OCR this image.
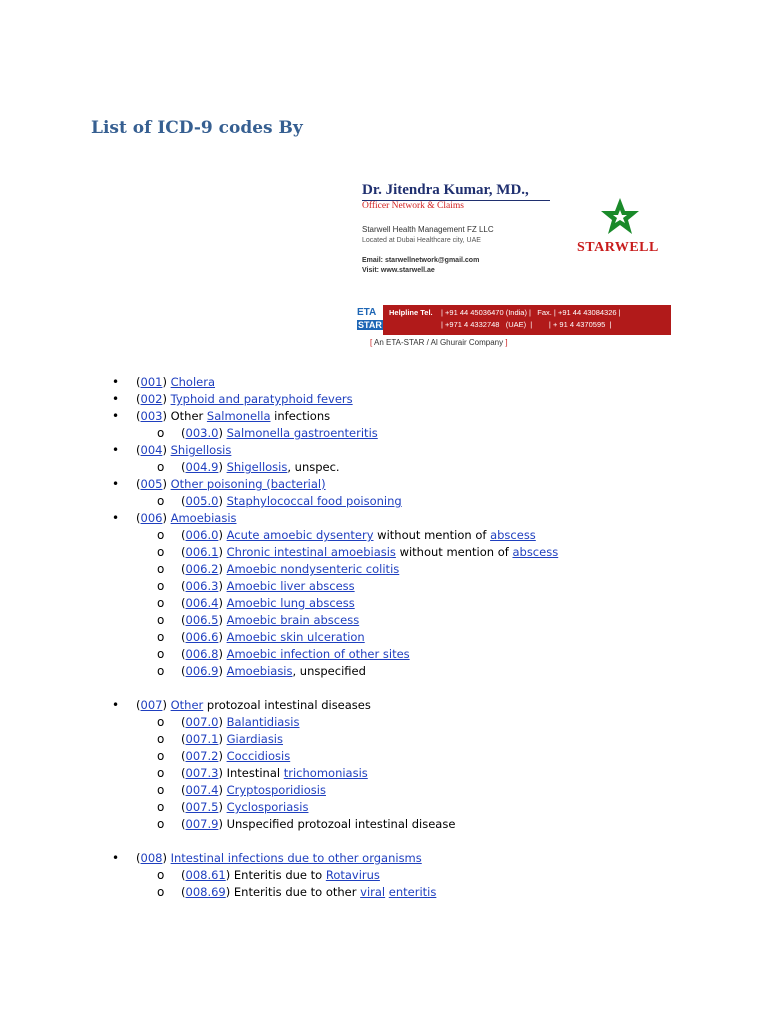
List of ICD-9 codes By
Dr. Jitendra Kumar, MD.,
Officer Network & Claims
Starwell Health Management FZ LLC
Located at Dubai Healthcare city, UAE
Email: starwellnetwork@gmail.com
Visit: www.starwell.ae
STARWELL
ETA
STAR
Helpline Tel. | +91 44 45036470 (India) |   Fax. | +91 44 43084326 |
| +971 4 4332748   (UAE)  |        | + 91 4 4370595  |
[ An ETA-STAR / Al Ghurair Company ]
• (001) Cholera
• (002) Typhoid and paratyphoid fevers
• (003) Other Salmonella infections
o (003.0) Salmonella gastroenteritis
• (004) Shigellosis
o (004.9) Shigellosis, unspec.
• (005) Other poisoning (bacterial)
o (005.0) Staphylococcal food poisoning
• (006) Amoebiasis
o (006.0) Acute amoebic dysentery without mention of abscess
o (006.1) Chronic intestinal amoebiasis without mention of abscess
o (006.2) Amoebic nondysenteric colitis
o (006.3) Amoebic liver abscess
o (006.4) Amoebic lung abscess
o (006.5) Amoebic brain abscess
o (006.6) Amoebic skin ulceration
o (006.8) Amoebic infection of other sites
o (006.9) Amoebiasis, unspecified
• (007) Other protozoal intestinal diseases
o (007.0) Balantidiasis
o (007.1) Giardiasis
o (007.2) Coccidiosis
o (007.3) Intestinal trichomoniasis
o (007.4) Cryptosporidiosis
o (007.5) Cyclosporiasis
o (007.9) Unspecified protozoal intestinal disease
• (008) Intestinal infections due to other organisms
o (008.61) Enteritis due to Rotavirus
o (008.69) Enteritis due to other viral enteritis
